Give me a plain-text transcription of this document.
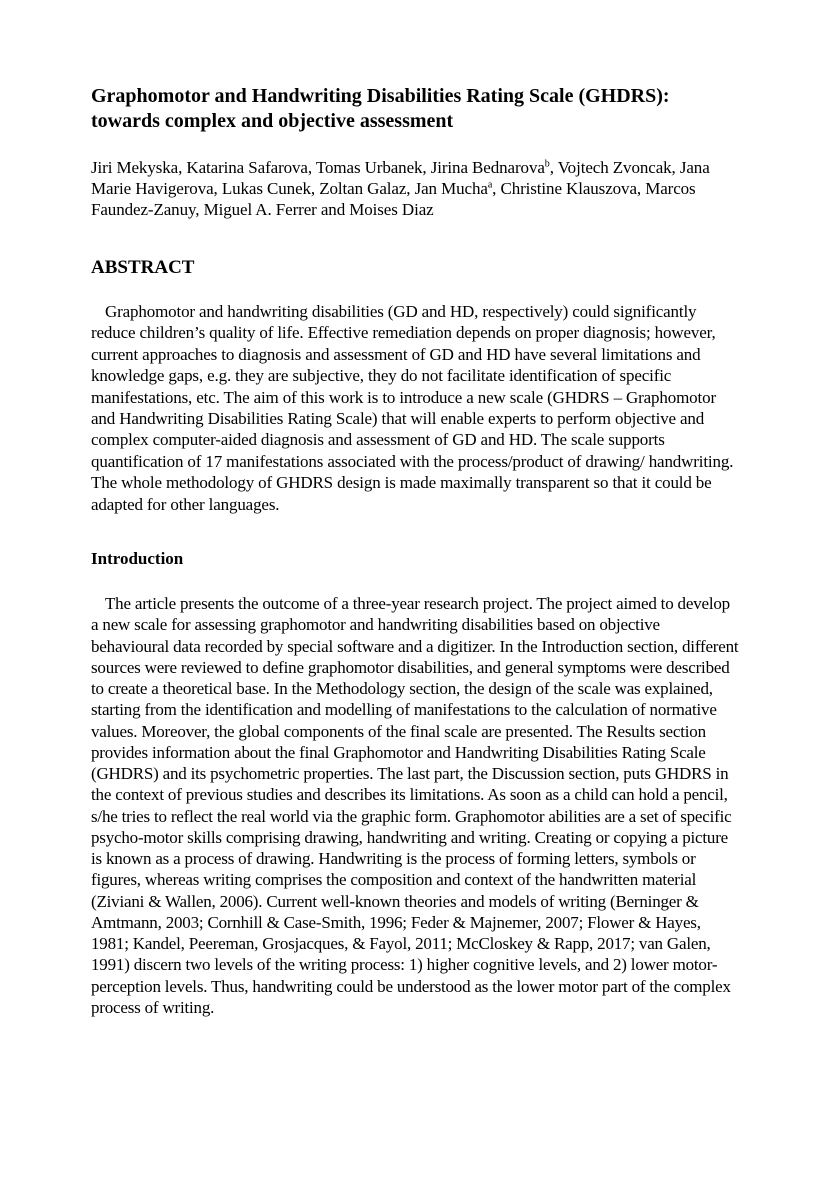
Graphomotor and Handwriting Disabilities Rating Scale (GHDRS):
towards complex and objective assessment

Jiri Mekyska, Katarina Safarova, Tomas Urbanek, Jirina Bednarova$^b$, Vojtech Zvoncak, Jana Marie Havigerova, Lukas Cunek, Zoltan Galaz, Jan Mucha$^a$, Christine Klauszova, Marcos Faundez-Zanuy, Miguel A. Ferrer and Moises Diaz

ABSTRACT

Graphomotor and handwriting disabilities (GD and HD, respectively) could significantly reduce children’s quality of life. Effective remediation depends on proper diagnosis; however, current approaches to diagnosis and assessment of GD and HD have several limitations and knowledge gaps, e.g. they are subjective, they do not facilitate identification of specific manifestations, etc. The aim of this work is to introduce a new scale (GHDRS – Graphomotor and Handwriting Disabilities Rating Scale) that will enable experts to perform objective and complex computer-aided diagnosis and assessment of GD and HD. The scale supports quantification of 17 manifestations associated with the process/product of drawing/ handwriting. The whole methodology of GHDRS design is made maximally transparent so that it could be adapted for other languages.

Introduction

The article presents the outcome of a three-year research project. The project aimed to develop a new scale for assessing graphomotor and handwriting disabilities based on objective behavioural data recorded by special software and a digitizer. In the Introduction section, different sources were reviewed to define graphomotor disabilities, and general symptoms were described to create a theoretical base. In the Methodology section, the design of the scale was explained, starting from the identification and modelling of manifestations to the calculation of normative values. Moreover, the global components of the final scale are presented. The Results section provides information about the final Graphomotor and Handwriting Disabilities Rating Scale (GHDRS) and its psychometric properties. The last part, the Discussion section, puts GHDRS in the context of previous studies and describes its limitations. As soon as a child can hold a pencil, s/he tries to reflect the real world via the graphic form. Graphomotor abilities are a set of specific psycho-motor skills comprising drawing, handwriting and writing. Creating or copying a picture is known as a process of drawing. Handwriting is the process of forming letters, symbols or figures, whereas writing comprises the composition and context of the handwritten material (Ziviani & Wallen, 2006). Current well-known theories and models of writing (Berninger & Amtmann, 2003; Cornhill & Case-Smith, 1996; Feder & Majnemer, 2007; Flower & Hayes, 1981; Kandel, Peereman, Grosjacques, & Fayol, 2011; McCloskey & Rapp, 2017; van Galen, 1991) discern two levels of the writing process: 1) higher cognitive levels, and 2) lower motor-perception levels. Thus, handwriting could be understood as the lower motor part of the complex process of writing.
